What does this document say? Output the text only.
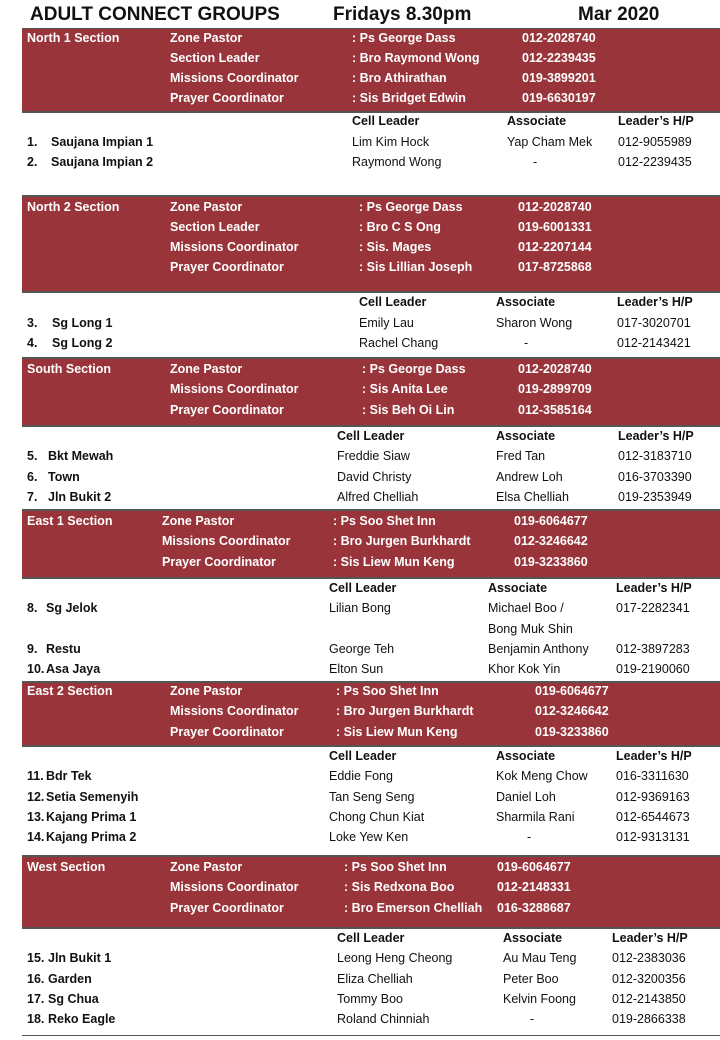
ADULT CONNECT GROUPS	Fridays 8.30pm	Mar 2020
North 1 Section	Zone Pastor	: Ps George Dass	012-2028740
Section Leader	: Bro Raymond Wong	012-2239435
Missions Coordinator	: Bro Athirathan	019-3899201
Prayer Coordinator	: Sis Bridget Edwin	019-6630197
Cell Leader	Associate	Leader’s H/P
1. Saujana Impian 1	Lim Kim Hock	Yap Cham Mek 012-9055989
2. Saujana Impian 2	Raymond Wong	-	012-2239435
North 2 Section	Zone Pastor	: Ps George Dass	012-2028740
Section Leader	: Bro C S Ong	019-6001331
Missions Coordinator	: Sis. Mages	012-2207144
Prayer Coordinator	: Sis Lillian Joseph	017-8725868
Cell Leader	Associate	Leader’s H/P
3. Sg Long 1	Emily Lau	Sharon Wong	017-3020701
4. Sg Long 2	Rachel Chang	-	012-2143421
South Section	Zone Pastor	: Ps George Dass	012-2028740
Missions Coordinator	: Sis Anita Lee	019-2899709
Prayer Coordinator	: Sis Beh Oi Lin	012-3585164
Cell Leader	Associate	Leader’s H/P
5. Bkt Mewah	Freddie Siaw	Fred Tan	012-3183710
6. Town	David Christy	Andrew Loh	016-3703390
7. Jln Bukit 2	Alfred Chelliah	Elsa Chelliah	019-2353949
East 1 Section	Zone Pastor	: Ps Soo Shet Inn	019-6064677
Missions Coordinator	: Bro Jurgen Burkhardt	012-3246642
Prayer Coordinator	: Sis Liew Mun Keng	019-3233860
Cell Leader	Associate	Leader’s H/P
8. Sg Jelok	Lilian Bong	Michael Boo /	017-2282341
Bong Muk Shin
9. Restu	George Teh	Benjamin Anthony 012-3897283
10. Asa Jaya	Elton Sun	Khor Kok Yin	019-2190060
East 2 Section	Zone Pastor	: Ps Soo Shet Inn	019-6064677
Missions Coordinator	: Bro Jurgen Burkhardt	012-3246642
Prayer Coordinator	: Sis Liew Mun Keng	019-3233860
Cell Leader	Associate	Leader’s H/P
11. Bdr Tek	Eddie Fong	Kok Meng Chow 016-3311630
12. Setia Semenyih	Tan Seng Seng	Daniel Loh	012-9369163
13. Kajang Prima 1	Chong Chun Kiat	Sharmila Rani	012-6544673
14. Kajang Prima 2	Loke Yew Ken	-	012-9313131
West Section	Zone Pastor	: Ps Soo Shet Inn	019-6064677
Missions Coordinator	: Sis Redxona Boo	012-2148331
Prayer Coordinator	: Bro Emerson Chelliah 016-3288687
Cell Leader	Associate	Leader’s H/P
15. Jln Bukit 1	Leong Heng Cheong	Au Mau Teng	012-2383036
16. Garden	Eliza Chelliah	Peter Boo	012-3200356
17. Sg Chua	Tommy Boo	Kelvin Foong	012-2143850
18. Reko Eagle	Roland Chinniah	-	019-2866338
